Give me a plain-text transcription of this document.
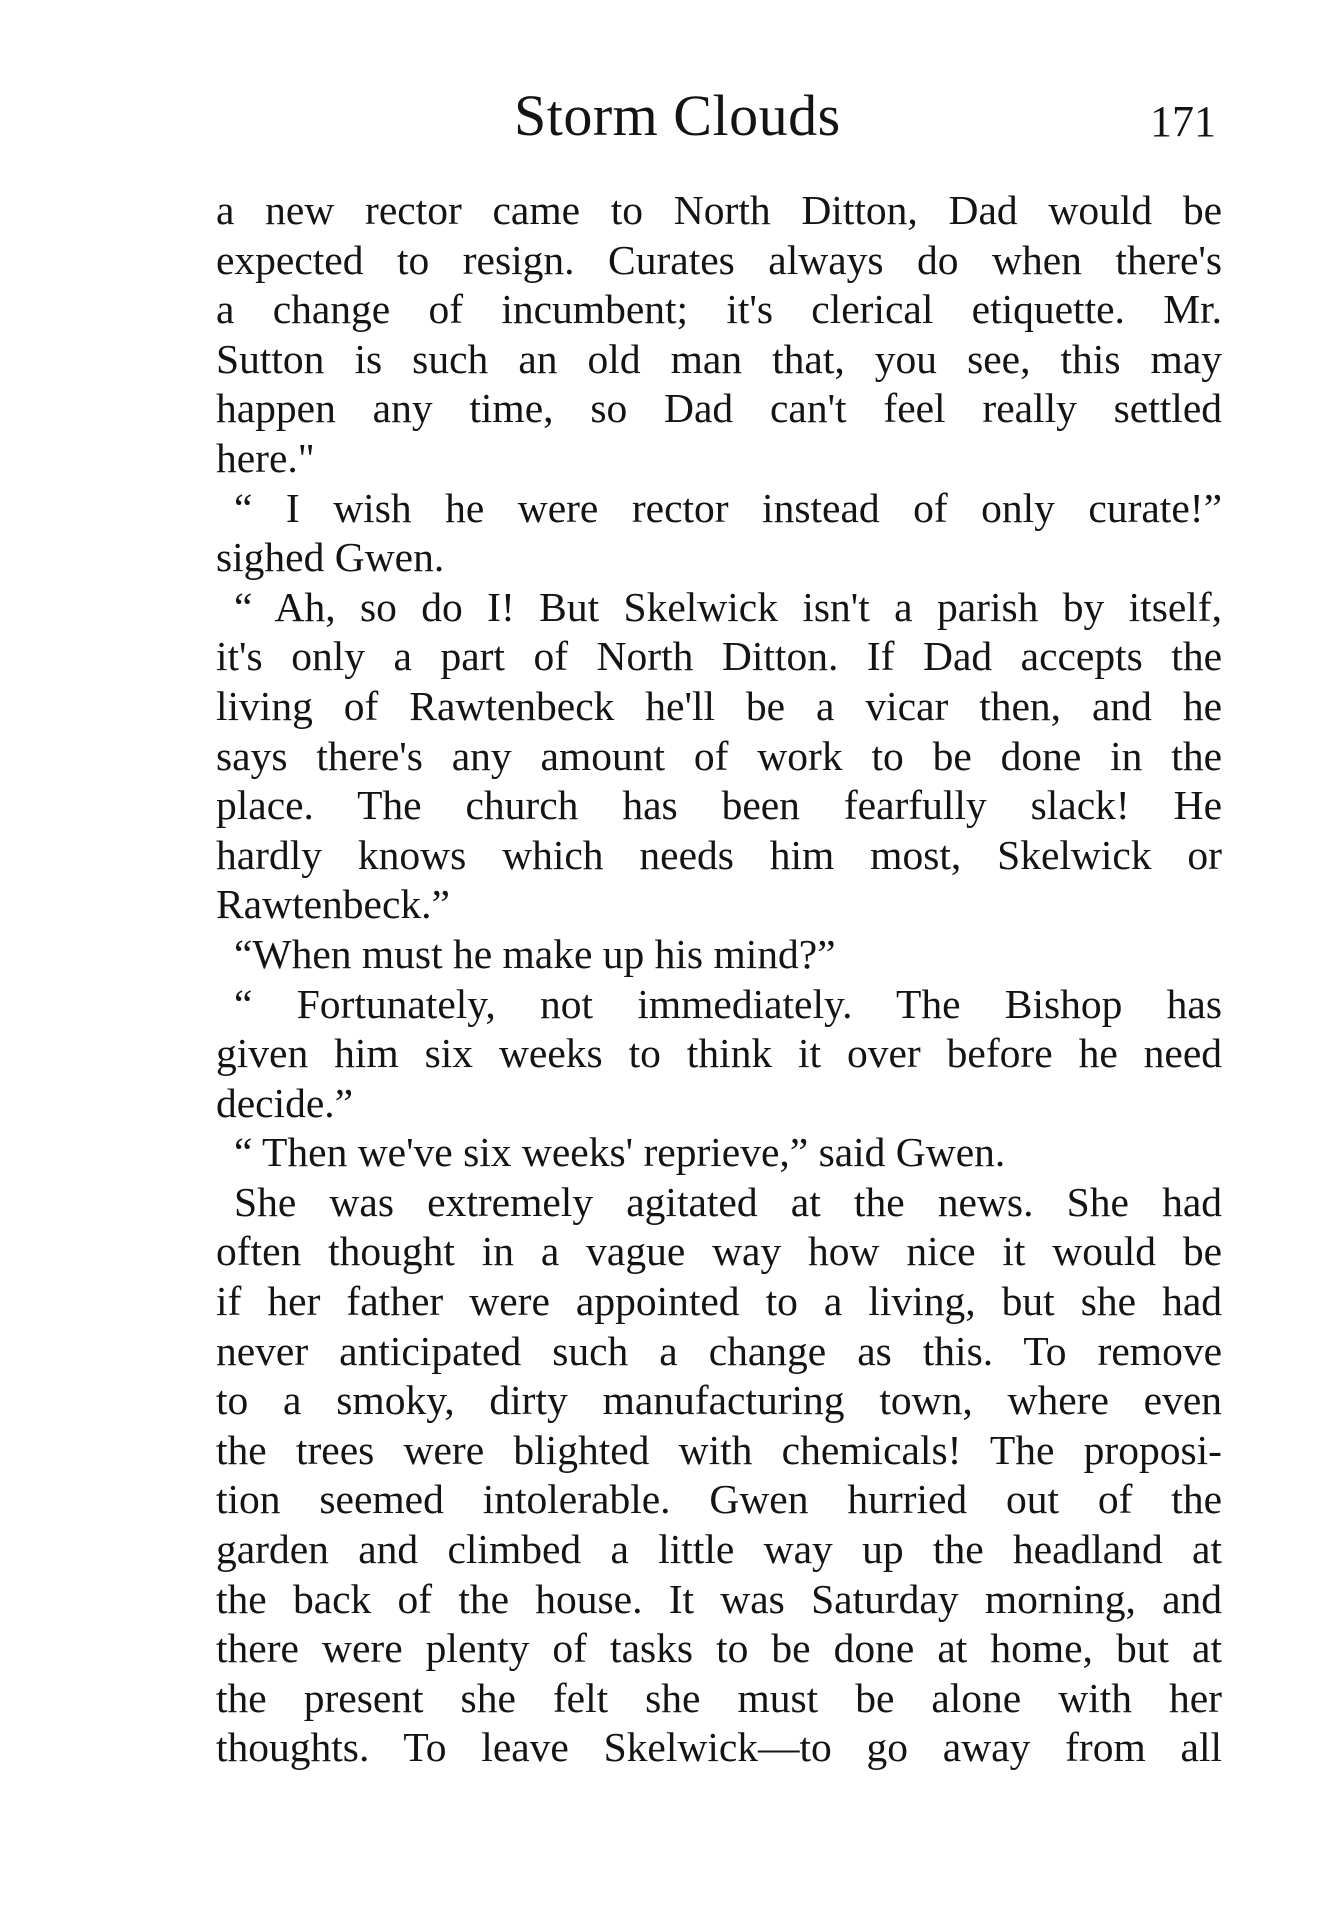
Storm Clouds	171
a new rector came to North Ditton, Dad would be
expected to resign. Curates always do when there's
a change of incumbent; it's clerical etiquette. Mr.
Sutton is such an old man that, you see, this may
happen any time, so Dad can't feel really settled
here."
“ I wish he were rector instead of only curate!”
sighed Gwen.
“ Ah, so do I! But Skelwick isn't a parish by itself,
it's only a part of North Ditton. If Dad accepts the
living of Rawtenbeck he'll be a vicar then, and he
says there's any amount of work to be done in the
place. The church has been fearfully slack! He
hardly knows which needs him most, Skelwick or
Rawtenbeck.”
“When must he make up his mind?”
“ Fortunately, not immediately. The Bishop has
given him six weeks to think it over before he need
decide.”
“ Then we've six weeks' reprieve,” said Gwen.
She was extremely agitated at the news. She had
often thought in a vague way how nice it would be
if her father were appointed to a living, but she had
never anticipated such a change as this. To remove
to a smoky, dirty manufacturing town, where even
the trees were blighted with chemicals! The proposi-
tion seemed intolerable. Gwen hurried out of the
garden and climbed a little way up the headland at
the back of the house. It was Saturday morning, and
there were plenty of tasks to be done at home, but at
the present she felt she must be alone with her
thoughts. To leave Skelwick—to go away from all
